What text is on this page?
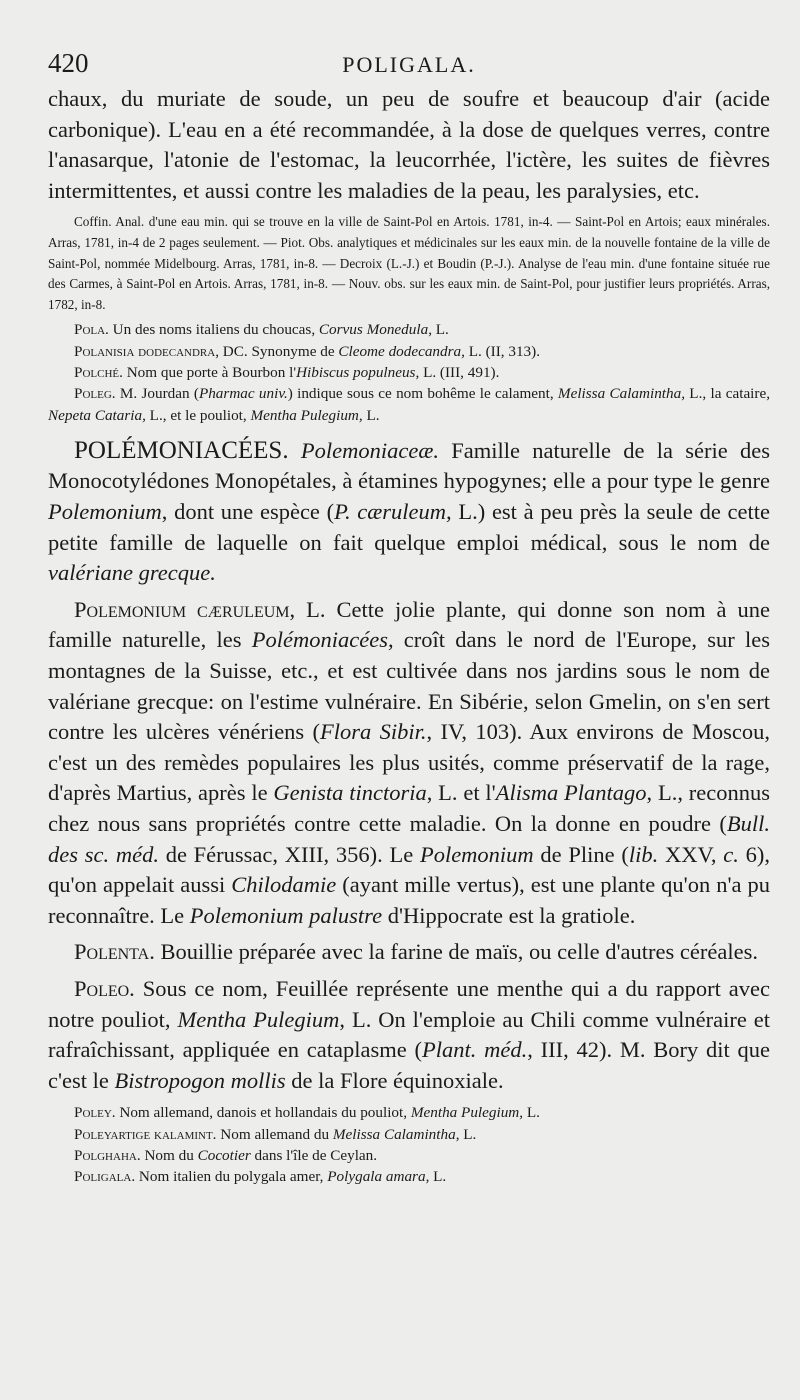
420	POLIGALA.

chaux, du muriate de soude, un peu de soufre et beaucoup d'air (acide carbonique). L'eau en a été recommandée, à la dose de quelques verres, contre l'anasarque, l'atonie de l'estomac, la leucorrhée, l'ictère, les suites de fièvres intermittentes, et aussi contre les maladies de la peau, les paralysies, etc.

Coffin. Anal. d'une eau min. qui se trouve en la ville de Saint-Pol en Artois. 1781, in-4. — Saint-Pol en Artois; eaux minérales. Arras, 1781, in-4 de 2 pages seulement. — Piot. Obs. analytiques et médicinales sur les eaux min. de la nouvelle fontaine de la ville de Saint-Pol, nommée Midelbourg. Arras, 1781, in-8. — Decroix (L.-J.) et Boudin (P.-J.). Analyse de l'eau min. d'une fontaine située rue des Carmes, à Saint-Pol en Artois. Arras, 1781, in-8. — Nouv. obs. sur les eaux min. de Saint-Pol, pour justifier leurs propriétés. Arras, 1782, in-8.

Pola. Un des noms italiens du choucas, Corvus Monedula, L.

Polanisia dodecandra, DC. Synonyme de Cleome dodecandra, L. (II, 313).

Polché. Nom que porte à Bourbon l'Hibiscus populneus, L. (III, 491).

Poleg. M. Jourdan (Pharmac univ.) indique sous ce nom bohême le calament, Melissa Calamintha, L., la cataire, Nepeta Cataria, L., et le pouliot, Mentha Pulegium, L.

POLÉMONIACÉES. Polemoniaceæ. Famille naturelle de la série des Monocotylédones Monopétales, à étamines hypogynes; elle a pour type le genre Polemonium, dont une espèce (P. cæruleum, L.) est à peu près la seule de cette petite famille de laquelle on fait quelque emploi médical, sous le nom de valériane grecque.

Polemonium cæruleum, L. Cette jolie plante, qui donne son nom à une famille naturelle, les Polémoniacées, croît dans le nord de l'Europe, sur les montagnes de la Suisse, etc., et est cultivée dans nos jardins sous le nom de valériane grecque: on l'estime vulnéraire. En Sibérie, selon Gmelin, on s'en sert contre les ulcères vénériens (Flora Sibir., IV, 103). Aux environs de Moscou, c'est un des remèdes populaires les plus usités, comme préservatif de la rage, d'après Martius, après le Genista tinctoria, L. et l'Alisma Plantago, L., reconnus chez nous sans propriétés contre cette maladie. On la donne en poudre (Bull. des sc. méd. de Férussac, XIII, 356). Le Polemonium de Pline (lib. XXV, c. 6), qu'on appelait aussi Chilodamie (ayant mille vertus), est une plante qu'on n'a pu reconnaître. Le Polemonium palustre d'Hippocrate est la gratiole.

Polenta. Bouillie préparée avec la farine de maïs, ou celle d'autres céréales.

Poleo. Sous ce nom, Feuillée représente une menthe qui a du rapport avec notre pouliot, Mentha Pulegium, L. On l'emploie au Chili comme vulnéraire et rafraîchissant, appliquée en cataplasme (Plant. méd., III, 42). M. Bory dit que c'est le Bistropogon mollis de la Flore équinoxiale.

Poley. Nom allemand, danois et hollandais du pouliot, Mentha Pulegium, L.

Poleyartige kalamint. Nom allemand du Melissa Calamintha, L.

Polghaha. Nom du Cocotier dans l'île de Ceylan.

Poligala. Nom italien du polygala amer, Polygala amara, L.
